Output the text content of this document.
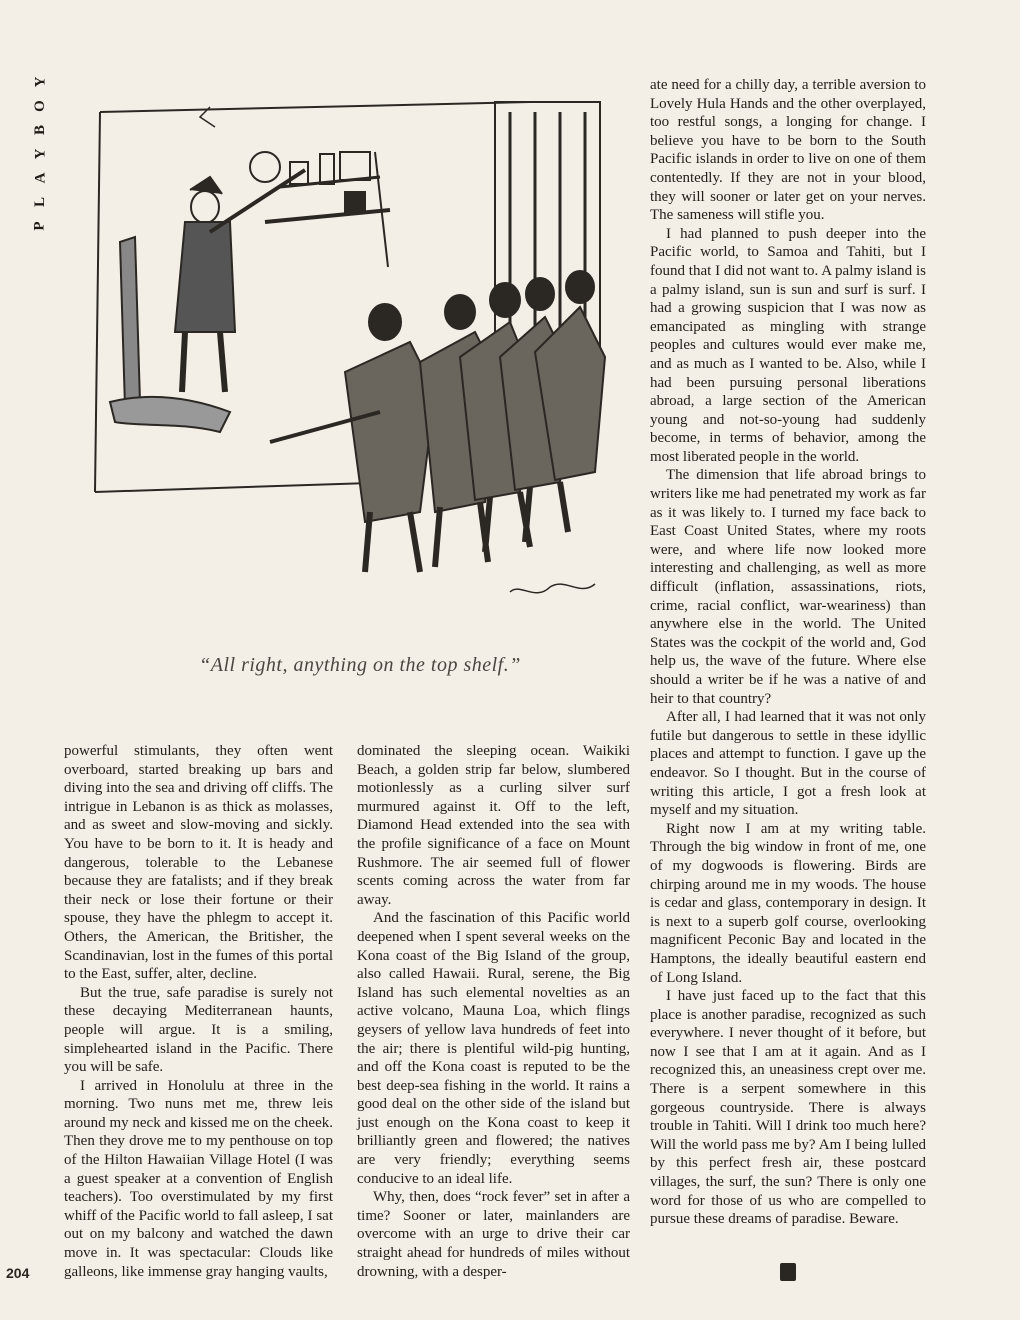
Y
O
B
Y
A
L
P
“All right, anything on the top shelf.”

powerful stimulants, they often went overboard, started breaking up bars and diving into the sea and driving off cliffs. The intrigue in Lebanon is as thick as molasses, and as sweet and slow-moving and sickly. You have to be born to it. It is heady and dangerous, tolerable to the Lebanese because they are fatalists; and if they break their neck or lose their fortune or their spouse, they have the phlegm to accept it. Others, the American, the Britisher, the Scandinavian, lost in the fumes of this portal to the East, suffer, alter, decline.

But the true, safe paradise is surely not these decaying Mediterranean haunts, people will argue. It is a smiling, simplehearted island in the Pacific. There you will be safe.

I arrived in Honolulu at three in the morning. Two nuns met me, threw leis around my neck and kissed me on the cheek. Then they drove me to my penthouse on top of the Hilton Hawaiian Village Hotel (I was a guest speaker at a convention of English teachers). Too overstimulated by my first whiff of the Pacific world to fall asleep, I sat out on my balcony and watched the dawn move in. It was spectacular: Clouds like galleons, like immense gray hanging vaults,

dominated the sleeping ocean. Waikiki Beach, a golden strip far below, slumbered motionlessly as a curling silver surf murmured against it. Off to the left, Diamond Head extended into the sea with the profile significance of a face on Mount Rushmore. The air seemed full of flower scents coming across the water from far away.

And the fascination of this Pacific world deepened when I spent several weeks on the Kona coast of the Big Island of the group, also called Hawaii. Rural, serene, the Big Island has such elemental novelties as an active volcano, Mauna Loa, which flings geysers of yellow lava hundreds of feet into the air; there is plentiful wild-pig hunting, and off the Kona coast is reputed to be the best deep-sea fishing in the world. It rains a good deal on the other side of the island but just enough on the Kona coast to keep it brilliantly green and flowered; the natives are very friendly; everything seems conducive to an ideal life.

Why, then, does “rock fever” set in after a time? Sooner or later, mainlanders are overcome with an urge to drive their car straight ahead for hundreds of miles without drowning, with a desper-

ate need for a chilly day, a terrible aversion to Lovely Hula Hands and the other overplayed, too restful songs, a longing for change. I believe you have to be born to the South Pacific islands in order to live on one of them contentedly. If they are not in your blood, they will sooner or later get on your nerves. The sameness will stifle you.

I had planned to push deeper into the Pacific world, to Samoa and Tahiti, but I found that I did not want to. A palmy island is a palmy island, sun is sun and surf is surf. I had a growing suspicion that I was now as emancipated as mingling with strange peoples and cultures would ever make me, and as much as I wanted to be. Also, while I had been pursuing personal liberations abroad, a large section of the American young and not-so-young had suddenly become, in terms of behavior, among the most liberated people in the world.

The dimension that life abroad brings to writers like me had penetrated my work as far as it was likely to. I turned my face back to East Coast United States, where my roots were, and where life now looked more interesting and challenging, as well as more difficult (inflation, assassinations, riots, crime, racial conflict, war-weariness) than anywhere else in the world. The United States was the cockpit of the world and, God help us, the wave of the future. Where else should a writer be if he was a native of and heir to that country?

After all, I had learned that it was not only futile but dangerous to settle in these idyllic places and attempt to function. I gave up the endeavor. So I thought. But in the course of writing this article, I got a fresh look at myself and my situation.

Right now I am at my writing table. Through the big window in front of me, one of my dogwoods is flowering. Birds are chirping around me in my woods. The house is cedar and glass, contemporary in design. It is next to a superb golf course, overlooking magnificent Peconic Bay and located in the Hamptons, the ideally beautiful eastern end of Long Island.

I have just faced up to the fact that this place is another paradise, recognized as such everywhere. I never thought of it before, but now I see that I am at it again. And as I recognized this, an uneasiness crept over me. There is a serpent somewhere in this gorgeous countryside. There is always trouble in Tahiti. Will I drink too much here? Will the world pass me by? Am I being lulled by this perfect fresh air, these postcard villages, the surf, the sun? There is only one word for those of us who are compelled to pursue these dreams of paradise. Beware.

204
